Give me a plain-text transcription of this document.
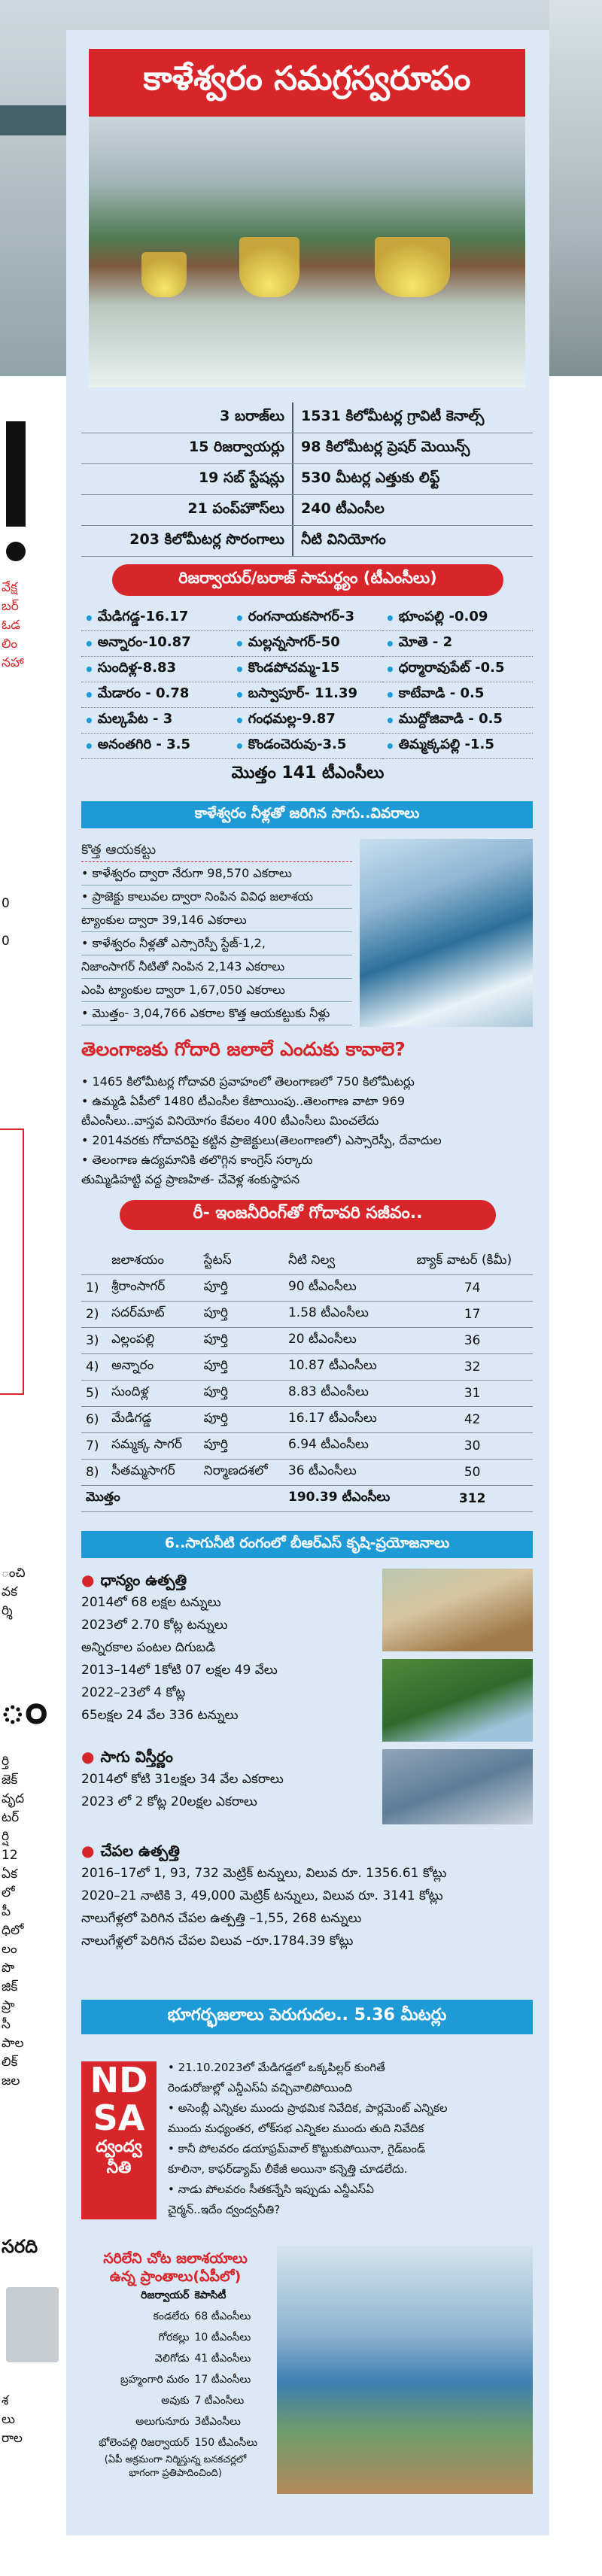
వేక్ష
బర్
ఓడ
లిం
నహా
0
0
ంచి
వక
ర్శి
ం
ర్తి
జెక్
వృద
టర్
ర్షి
12
ఏక
లో
పీ
ధిలో
లం
పొ
జిక్
ప్రా
సీ
పాల
లిక్
జల
సరది
శ
లు
రాల
కాళేశ్వరం సమగ్రస్వరూపం
3 బరాజ్‌లు	1531 కిలోమీటర్ల గ్రావిటీ కెనాల్స్
15 రిజర్వాయర్లు	98 కిలోమీటర్ల ప్రెషర్ మెయిన్స్
19 సబ్ స్టేషన్లు	530 మీటర్ల ఎత్తుకు లిఫ్ట్
21 పంప్‌హౌస్‌లు	240 టీఎంసీల
203 కిలోమీటర్ల సొరంగాలు	నీటి వినియోగం
రిజర్వాయర్/బరాజ్ సామర్థ్యం (టీఎంసీలు)
• మేడిగడ్డ-16.17	• రంగనాయకసాగర్-3	• భూంపల్లి -0.09
• అన్నారం-10.87	• మల్లన్నసాగర్-50	• మోతె - 2
• సుందిళ్ల-8.83	• కొండపోచమ్మ-15	• ధర్మారావుపేట్ -0.5
• మేడారం - 0.78	• బస్వాపూర్- 11.39	• కాటేవాడి - 0.5
• మల్కపేట - 3	• గంధమల్ల-9.87	• ముద్దోజివాడి - 0.5
• అనంతగిరి - 3.5	• కొండంచెరువు-3.5	• తిమ్మక్కపల్లి -1.5
మొత్తం 141 టీఎంసీలు
కాళేశ్వరం నీళ్లతో జరిగిన సాగు..వివరాలు
కొత్త ఆయకట్టు
• కాళేశ్వరం ద్వారా నేరుగా 98,570 ఎకరాలు
• ప్రాజెక్టు కాలువల ద్వారా నింపిన వివిధ జలాశయ
ట్యాంకుల ద్వారా 39,146 ఎకరాలు
• కాళేశ్వరం నీళ్లతో ఎస్సారెస్పీ స్టేజ్-1,2,
నిజాంసాగర్ నీటితో నింపిన 2,143 ఎకరాలు
ఎంపి ట్యాంకుల ద్వారా 1,67,050 ఎకరాలు
• మొత్తం- 3,04,766 ఎకరాల కొత్త ఆయకట్టుకు నీళ్లు
తెలంగాణకు గోదారి జలాలే ఎందుకు కావాలె?
• 1465 కిలోమీటర్ల గోదావరి ప్రవాహంలో తెలంగాణలో 750 కిలోమీటర్లు
• ఉమ్మడి ఏపీలో 1480 టీఎంసీల కేటాయింపు..తెలంగాణ వాటా 969
టీఎంసీలు..వాస్తవ వినియోగం కేవలం 400 టీఎంసీలు మించలేదు
• 2014వరకు గోదావరిపై కట్టిన ప్రాజెక్టులు(తెలంగాణలో) ఎస్సారెస్పీ, దేవాదుల
• తెలంగాణ ఉద్యమానికి తలొగ్గిన కాంగ్రెస్ సర్కారు
తుమ్మిడిహట్టి వద్ద ప్రాణహిత- చేవెళ్ల శంకుస్థాపన
రీ- ఇంజనీరింగ్‌తో గోదావరి సజీవం..
	జలాశయం	స్టేటస్	నీటి నిల్వ	బ్యాక్ వాటర్ (కిమీ)
1)	శ్రీరాంసాగర్	పూర్తి	90 టీఎంసీలు	74
2)	సదర్‌మాట్	పూర్తి	1.58 టీఎంసీలు	17
3)	ఎల్లంపల్లి	పూర్తి	20 టీఎంసీలు	36
4)	అన్నారం	పూర్తి	10.87 టీఎంసీలు	32
5)	సుందిళ్ల	పూర్తి	8.83 టీఎంసీలు	31
6)	మేడిగడ్డ	పూర్తి	16.17 టీఎంసీలు	42
7)	సమ్మక్క సాగర్	పూర్తి	6.94 టీఎంసీలు	30
8)	సీతమ్మసాగర్	నిర్మాణదశలో	36 టీఎంసీలు	50
మొత్తం			190.39 టీఎంసీలు	312
6..సాగునీటి రంగంలో బీఆర్ఎస్ కృషి-ప్రయోజనాలు
● ధాన్యం ఉత్పత్తి
2014లో 68 లక్షల టన్నులు
2023లో 2.70 కోట్ల టన్నులు
అన్నిరకాల పంటల దిగుబడి
2013–14లో 1కోటి 07 లక్షల 49 వేలు
2022–23లో 4 కోట్ల
65లక్షల 24 వేల 336 టన్నులు
● సాగు విస్తీర్ణం
2014లో కోటి 31లక్షల 34 వేల ఎకరాలు
2023 లో 2 కోట్ల 20లక్షల ఎకరాలు
● చేపల ఉత్పత్తి
2016–17లో 1, 93, 732 మెట్రిక్ టన్నులు, విలువ రూ. 1356.61 కోట్లు
2020–21 నాటికి 3, 49,000 మెట్రిక్ టన్నులు, విలువ రూ. 3141 కోట్లు
నాలుగేళ్లలో పెరిగిన చేపల ఉత్పత్తి –1,55, 268 టన్నులు
నాలుగేళ్లలో పెరిగిన చేపల విలువ –రూ.1784.39 కోట్లు
భూగర్భజలాలు పెరుగుదల.. 5.36 మీటర్లు
ND
SA
ద్వంద్వ
నీతి
• 21.10.2023లో మేడిగడ్డలో ఒక్కపిల్లర్ కుంగితే
రెండురోజుల్లో ఎన్డీఎస్ఏ వచ్చివాలిపోయింది
• అసెంబ్లీ ఎన్నికల ముందు ప్రాథమిక నివేదిక, పార్లమెంట్ ఎన్నికల
ముందు మధ్యంతర, లోక్‌సభ ఎన్నికల ముందు తుది నివేదిక
• కానీ పోలవరం డయాఫ్రమ్‌వాల్ కొట్టుకుపోయినా, గైడ్‌బండ్
కూలినా, కాఫర్‌డ్యామ్ లీకేజీ అయినా కన్నెత్తి చూడలేదు.
• నాడు పోలవరం సీతకన్నేసి ఇప్పుడు ఎన్డీఎస్ఏ
చైర్మన్..ఇదేం ద్వంద్వనీతి?
సరిలేని చోట జలాశయాలు
ఉన్న ప్రాంతాలు(ఏపీలో)
రిజర్వాయర్	కెపాసిటీ
కండలేరు	68 టీఎంసీలు
గోరకల్లు	10 టీఎంసీలు
వెలిగోడు	41 టీఎంసీలు
బ్రహ్మంగారి మఠం	17 టీఎంసీలు
అవుకు	7 టీఎంసీలు
అలుగునూరు	3టీఎంసీలు
భోలెంపల్లి రిజర్వాయర్	150 టీఎంసీలు
(ఏపీ అక్రమంగా నిర్మిస్తున్న బనకచర్లలో
భాగంగా ప్రతిపాదించింది)
